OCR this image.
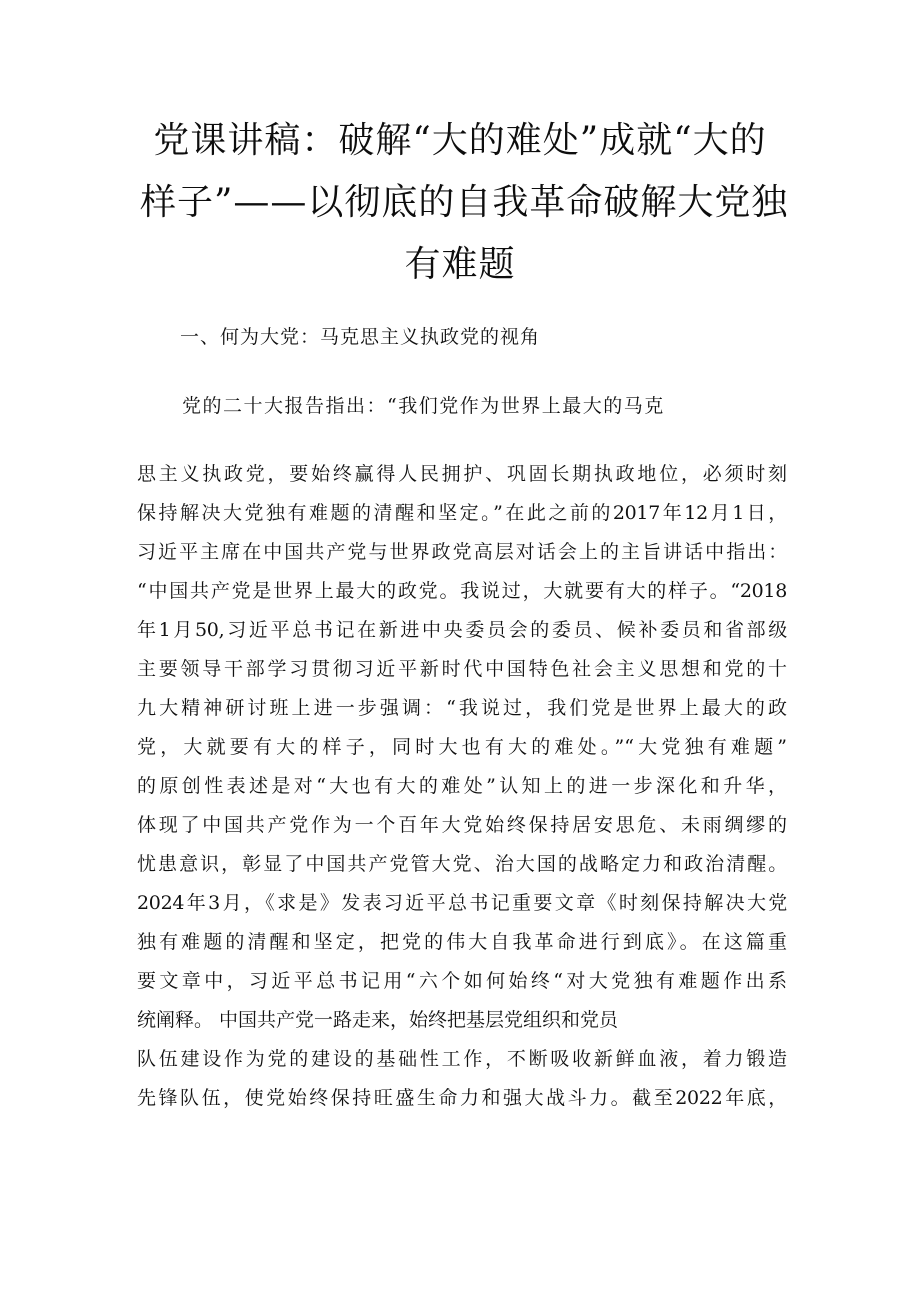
党课讲稿：破解“大的难处”成就“大的
样子”——以彻底的自我革命破解大党独
有难题
一、何为大党：马克思主义执政党的视角
党的二十大报告指出：“我们党作为世界上最大的马克
思主义执政党，要始终赢得人民拥护、巩固长期执政地位，必须时刻
保持解决大党独有难题的清醒和坚定。”在此之前的2017年12月1日，
习近平主席在中国共产党与世界政党高层对话会上的主旨讲话中指出：
“中国共产党是世界上最大的政党。我说过，大就要有大的样子。“2018
年1月50,习近平总书记在新进中央委员会的委员、候补委员和省部级
主要领导干部学习贯彻习近平新时代中国特色社会主义思想和党的十
九大精神研讨班上进一步强调：“我说过，我们党是世界上最大的政
党，大就要有大的样子，同时大也有大的难处。”“大党独有难题”
的原创性表述是对“大也有大的难处”认知上的进一步深化和升华，
体现了中国共产党作为一个百年大党始终保持居安思危、未雨绸缪的
忧患意识，彰显了中国共产党管大党、治大国的战略定力和政治清醒。
2024年3月，《求是》发表习近平总书记重要文章《时刻保持解决大党
独有难题的清醒和坚定，把党的伟大自我革命进行到底》。在这篇重
要文章中，习近平总书记用“六个如何始终“对大党独有难题作出系
统阐释。 中国共产党一路走来，始终把基层党组织和党员
队伍建设作为党的建设的基础性工作，不断吸收新鲜血液，着力锻造
先锋队伍，使党始终保持旺盛生命力和强大战斗力。截至2022年底，
